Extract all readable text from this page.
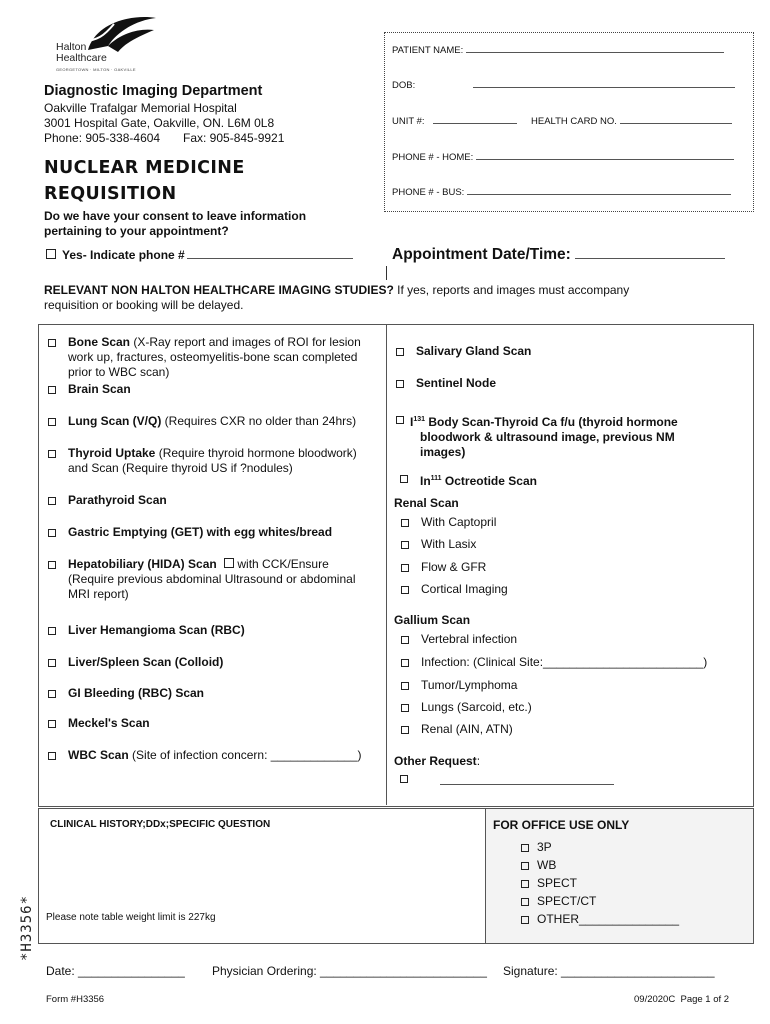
Halton
Healthcare
GEORGETOWN · MILTON · OAKVILLE
Diagnostic Imaging Department
Oakville Trafalgar Memorial Hospital
3001 Hospital Gate, Oakville, ON. L6M 0L8
Phone: 905-338-4604 Fax: 905-845-9921
NUCLEAR MEDICINE
REQUISITION
PATIENT NAME:
DOB:
UNIT #:	HEALTH CARD NO.
PHONE # - HOME:
PHONE # - BUS:
Do we have your consent to leave information
pertaining to your appointment?
Yes- Indicate phone #	Appointment Date/Time:
RELEVANT NON HALTON HEALTHCARE IMAGING STUDIES? If yes, reports and images must accompany
requisition or booking will be delayed.
Bone Scan (X-Ray report and images of ROI for lesion
work up, fractures, osteomyelitis-bone scan completed
prior to WBC scan)
Brain Scan
Lung Scan (V/Q) (Requires CXR no older than 24hrs)
Thyroid Uptake (Require thyroid hormone bloodwork)
and Scan (Require thyroid US if ?nodules)
Parathyroid Scan
Gastric Emptying (GET) with egg whites/bread
Hepatobiliary (HIDA) Scan  with CCK/Ensure
(Require previous abdominal Ultrasound or abdominal
MRI report)
Liver Hemangioma Scan (RBC)
Liver/Spleen Scan (Colloid)
GI Bleeding (RBC) Scan
Meckel's Scan
WBC Scan (Site of infection concern: _____________)
Salivary Gland Scan
Sentinel Node
$I^{131}$ Body Scan-Thyroid Ca f/u (thyroid hormone
bloodwork & ultrasound image, previous NM
images)
In$^{111}$ Octreotide Scan
Renal Scan
With Captopril
With Lasix
Flow & GFR
Cortical Imaging
Gallium Scan
Vertebral infection
Infection: (Clinical Site:________________________)
Tumor/Lymphoma
Lungs (Sarcoid, etc.)
Renal (AIN, ATN)
Other Request:
CLINICAL HISTORY;DDx;SPECIFIC QUESTION
Please note table weight limit is 227kg
FOR OFFICE USE ONLY
3P
WB
SPECT
SPECT/CT
OTHER_______________
*H3356*
Date: ________________ Physician Ordering: _________________________ Signature: _______________________
Form #H3356	09/2020C Page 1 of 2
